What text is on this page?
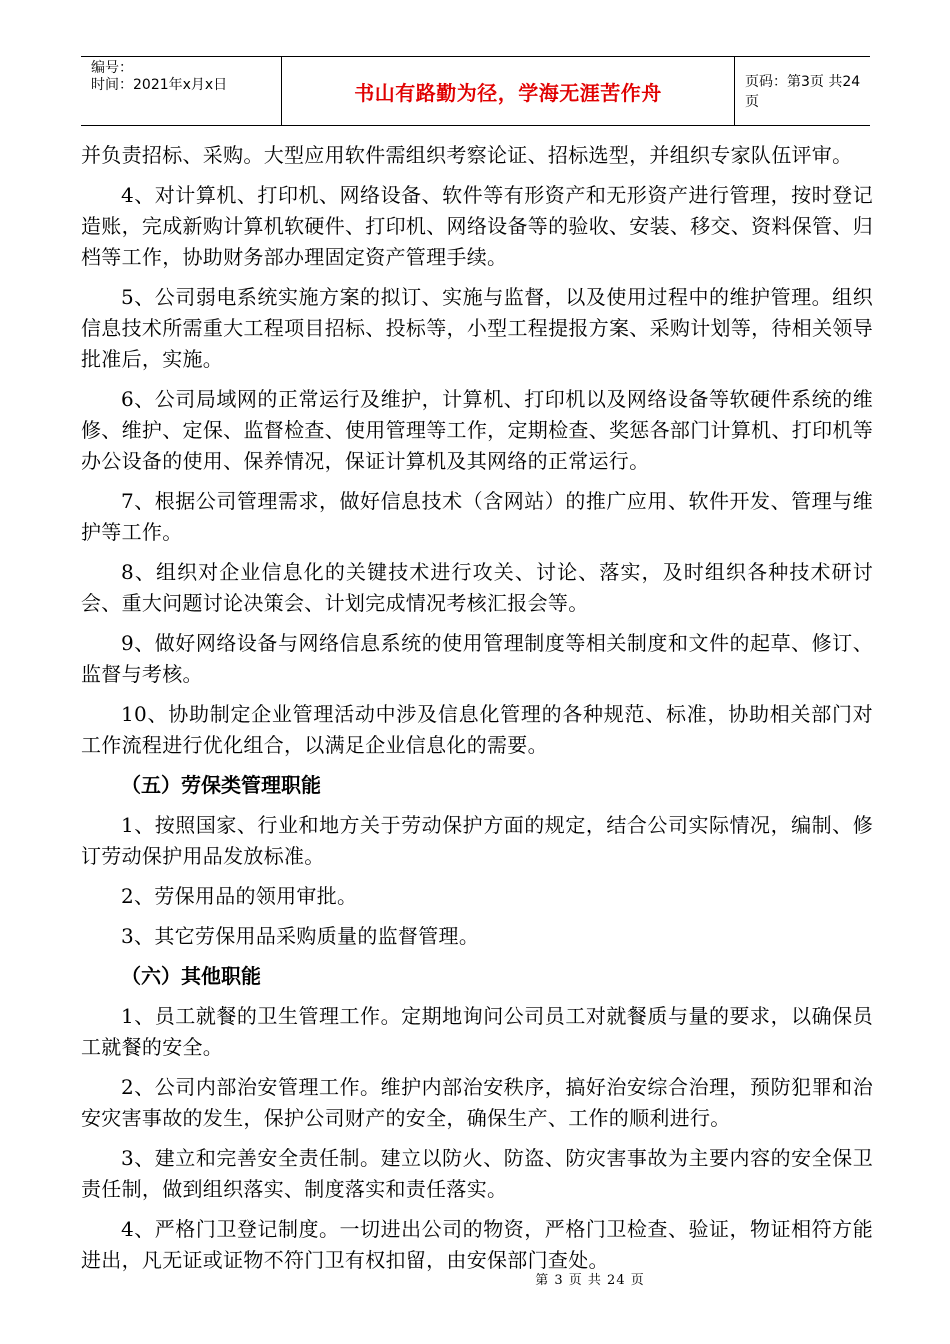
编号：
时间：2021年x月x日	书山有路勤为径，学海无涯苦作舟	页码：第3页 共24页

并负责招标、采购。大型应用软件需组织考察论证、招标选型，并组织专家队伍评审。

4、对计算机、打印机、网络设备、软件等有形资产和无形资产进行管理，按时登记造账，完成新购计算机软硬件、打印机、网络设备等的验收、安装、移交、资料保管、归档等工作，协助财务部办理固定资产管理手续。

5、公司弱电系统实施方案的拟订、实施与监督，以及使用过程中的维护管理。组织信息技术所需重大工程项目招标、投标等，小型工程提报方案、采购计划等，待相关领导批准后，实施。

6、公司局域网的正常运行及维护，计算机、打印机以及网络设备等软硬件系统的维修、维护、定保、监督检查、使用管理等工作，定期检查、奖惩各部门计算机、打印机等办公设备的使用、保养情况，保证计算机及其网络的正常运行。

7、根据公司管理需求，做好信息技术（含网站）的推广应用、软件开发、管理与维护等工作。

8、组织对企业信息化的关键技术进行攻关、讨论、落实，及时组织各种技术研讨会、重大问题讨论决策会、计划完成情况考核汇报会等。

9、做好网络设备与网络信息系统的使用管理制度等相关制度和文件的起草、修订、监督与考核。

10、协助制定企业管理活动中涉及信息化管理的各种规范、标准，协助相关部门对工作流程进行优化组合，以满足企业信息化的需要。

（五）劳保类管理职能

1、按照国家、行业和地方关于劳动保护方面的规定，结合公司实际情况，编制、修订劳动保护用品发放标准。

2、劳保用品的领用审批。

3、其它劳保用品采购质量的监督管理。

（六）其他职能

1、员工就餐的卫生管理工作。定期地询问公司员工对就餐质与量的要求，以确保员工就餐的安全。

2、公司内部治安管理工作。维护内部治安秩序，搞好治安综合治理，预防犯罪和治安灾害事故的发生，保护公司财产的安全，确保生产、工作的顺利进行。

3、建立和完善安全责任制。建立以防火、防盗、防灾害事故为主要内容的安全保卫责任制，做到组织落实、制度落实和责任落实。

4、严格门卫登记制度。一切进出公司的物资，严格门卫检查、验证，物证相符方能进出，凡无证或证物不符门卫有权扣留，由安保部门查处。

第 3 页 共 24 页
